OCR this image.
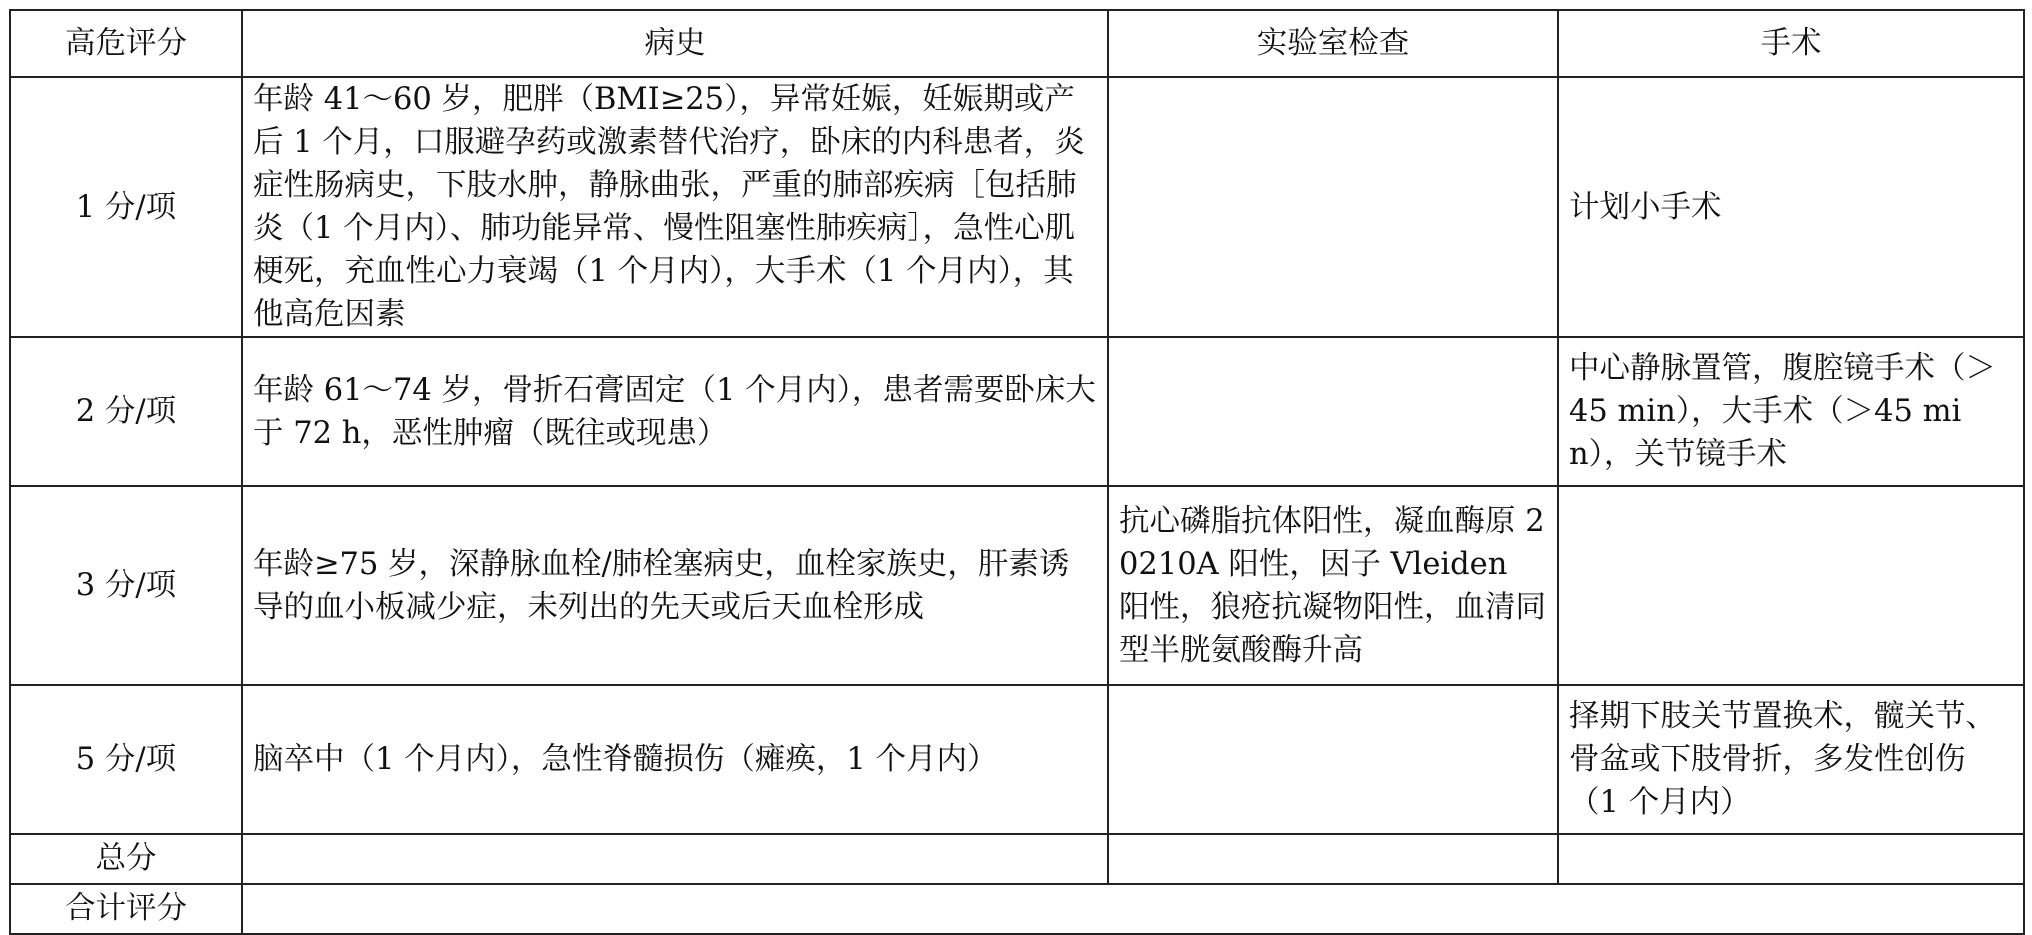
高危评分	病史	实验室检查	手术
1 分/项	年龄 41～60 岁，肥胖（BMI≥25），异常妊娠，妊娠期或产后 1 个月，口服避孕药或激素替代治疗，卧床的内科患者，炎症性肠病史，下肢水肿，静脉曲张，严重的肺部疾病［包括肺炎（1 个月内）、肺功能异常、慢性阻塞性肺疾病］，急性心肌梗死，充血性心力衰竭（1 个月内），大手术（1 个月内），其他高危因素		计划小手术
2 分/项	年龄 61～74 岁，骨折石膏固定（1 个月内），患者需要卧床大于 72 h，恶性肿瘤（既往或现患）		中心静脉置管，腹腔镜手术（＞45 min），大手术（＞45 min），关节镜手术
3 分/项	年龄≥75 岁，深静脉血栓/肺栓塞病史，血栓家族史，肝素诱导的血小板减少症，未列出的先天或后天血栓形成	抗心磷脂抗体阳性，凝血酶原 20210A 阳性，因子 Vleiden 阳性，狼疮抗凝物阳性，血清同型半胱氨酸酶升高	
5 分/项	脑卒中（1 个月内），急性脊髓损伤（瘫痪，1 个月内）		择期下肢关节置换术，髋关节、骨盆或下肢骨折，多发性创伤（1 个月内）
总分			
合计评分			
